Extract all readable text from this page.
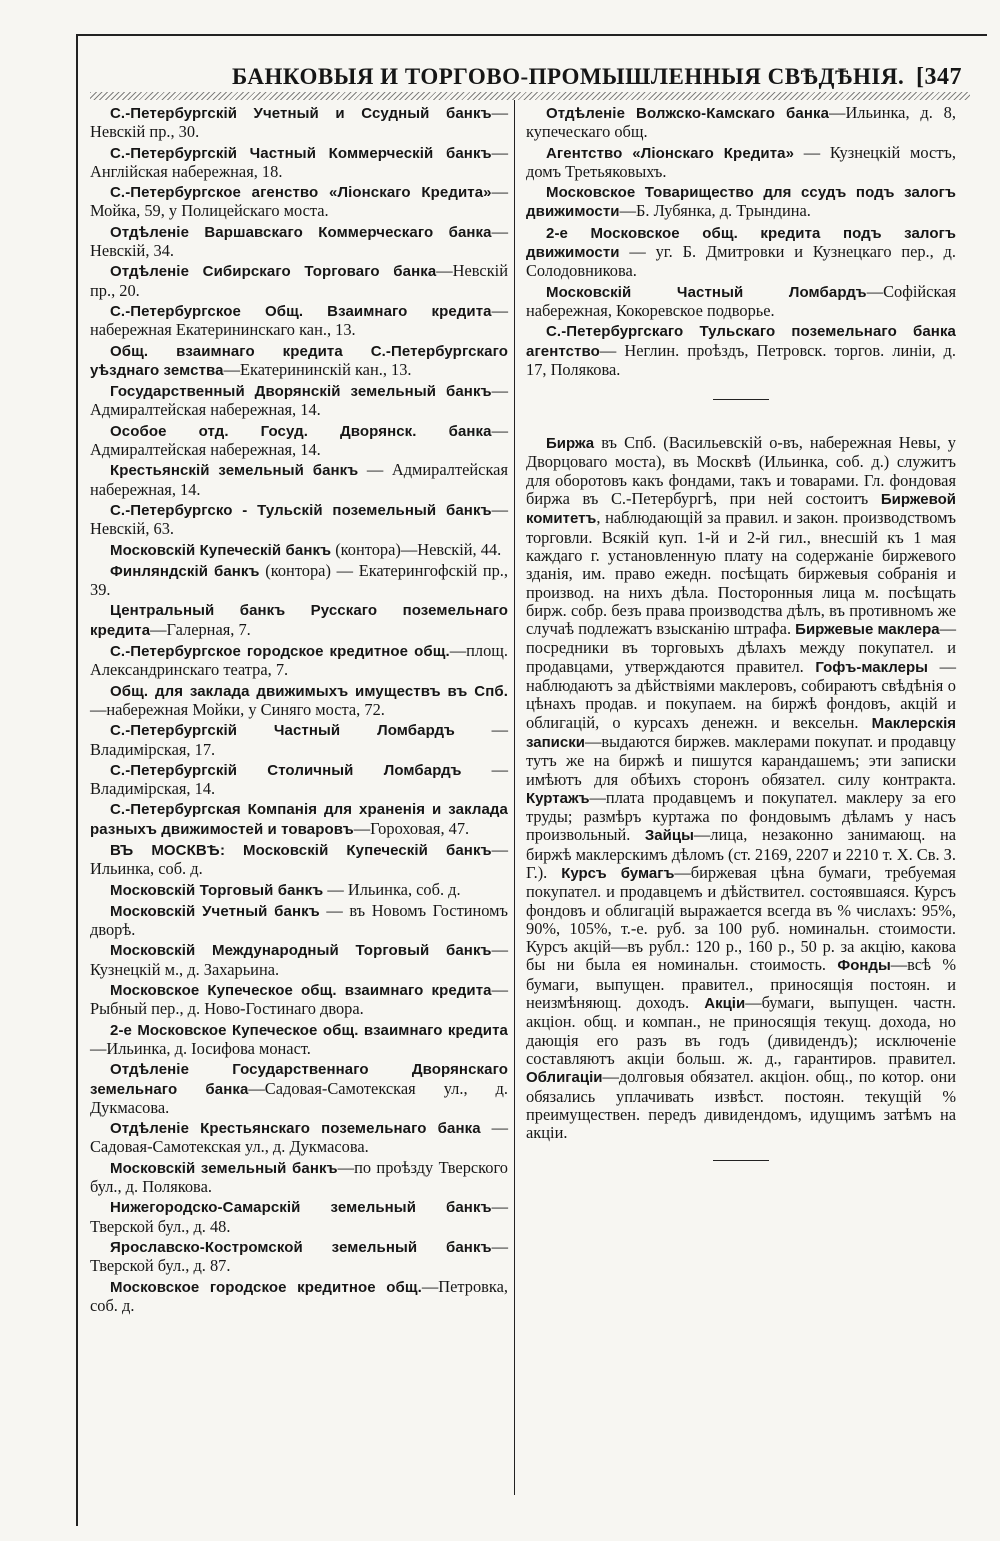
БАНКОВЫЯ И ТОРГОВО-ПРОМЫШЛЕННЫЯ СВѢДѢНІЯ. [347

С.-Петербургскій Учетный и Ссудный банкъ—Невскій пр., 30.

С.-Петербургскій Частный Коммерческій банкъ—Англійская набережная, 18.

С.-Петербургское агенство «Ліонскаго Кредита»—Мойка, 59, у Полицейскаго моста.

Отдѣленіе Варшавскаго Коммерческаго банка—Невскій, 34.

Отдѣленіе Сибирскаго Торговаго банка—Невскій пр., 20.

С.-Петербургское Общ. Взаимнаго кредита—набережная Екатерининскаго кан., 13.

Общ. взаимнаго кредита С.-Петербургскаго уѣзднаго земства—Екатерининскій кан., 13.

Государственный Дворянскій земельный банкъ—Адмиралтейская набережная, 14.

Особое отд. Госуд. Дворянск. банка—Адмиралтейская набережная, 14.

Крестьянскій земельный банкъ — Адмиралтейская набережная, 14.

С.-Петербургско - Тульскій поземельный банкъ—Невскій, 63.

Московскій Купеческій банкъ (контора)—Невскій, 44.

Финляндскій банкъ (контора) — Екатерингофскій пр., 39.

Центральный банкъ Русскаго поземельнаго кредита—Галерная, 7.

С.-Петербургское городское кредитное общ.—площ. Александринскаго театра, 7.

Общ. для заклада движимыхъ имуществъ въ Спб.—набережная Мойки, у Синяго моста, 72.

С.-Петербургскій Частный Ломбардъ — Владимірская, 17.

С.-Петербургскій Столичный Ломбардъ — Владимірская, 14.

С.-Петербургская Компанія для храненія и заклада разныхъ движимостей и товаровъ—Гороховая, 47.

ВЪ МОСКВѢ: Московскій Купеческій банкъ—Ильинка, соб. д.

Московскій Торговый банкъ — Ильинка, соб. д.

Московскій Учетный банкъ — въ Новомъ Гостиномъ дворѣ.

Московскій Международный Торговый банкъ—Кузнецкій м., д. Захарьина.

Московское Купеческое общ. взаимнаго кредита—Рыбный пер., д. Ново-Гостинаго двора.

2-е Московское Купеческое общ. взаимнаго кредита—Ильинка, д. Іосифова монаст.

Отдѣленіе Государственнаго Дворянскаго земельнаго банка—Садовая-Самотекская ул., д. Дукмасова.

Отдѣленіе Крестьянскаго поземельнаго банка — Садовая-Самотекская ул., д. Дукмасова.

Московскій земельный банкъ—по проѣзду Тверского бул., д. Полякова.

Нижегородско-Самарскій земельный банкъ—Тверской бул., д. 48.

Ярославско-Костромской земельный банкъ—Тверской бул., д. 87.

Московское городское кредитное общ.—Петровка, соб. д.

Отдѣленіе Волжско-Камскаго банка—Ильинка, д. 8, купеческаго общ.

Агентство «Ліонскаго Кредита» — Кузнецкій мостъ, домъ Третьяковыхъ.

Московское Товарищество для ссудъ подъ залогъ движимости—Б. Лубянка, д. Трындина.

2-е Московское общ. кредита подъ залогъ движимости — уг. Б. Дмитровки и Кузнецкаго пер., д. Солодовникова.

Московскій Частный Ломбардъ—Софійская набережная, Кокоревское подворье.

С.-Петербургскаго Тульскаго поземельнаго банка агентство— Неглин. проѣздъ, Петровск. торгов. линіи, д. 17, Полякова.

Биржа въ Спб. (Васильевскій о-въ, набережная Невы, у Дворцоваго моста), въ Москвѣ (Ильинка, соб. д.) служитъ для оборотовъ какъ фондами, такъ и товарами. Гл. фондовая биржа въ С.-Петербургѣ, при ней состоитъ Биржевой комитетъ, наблюдающій за правил. и закон. производствомъ торговли. Всякій куп. 1-й и 2-й гил., внесшій къ 1 мая каждаго г. установленную плату на содержаніе биржевого зданія, им. право ежедн. посѣщать биржевыя собранія и производ. на нихъ дѣла. Посторонныя лица м. посѣщать бирж. собр. безъ права производства дѣлъ, въ противномъ же случаѣ подлежатъ взысканію штрафа. Биржевые маклера—посредники въ торговыхъ дѣлахъ между покупател. и продавцами, утверждаются правител. Гофъ-маклеры — наблюдаютъ за дѣйствіями маклеровъ, собираютъ свѣдѣнія о цѣнахъ продав. и покупаем. на биржѣ фондовъ, акцій и облигацій, о курсахъ денежн. и вексельн. Маклерскія записки—выдаются биржев. маклерами покупат. и продавцу тутъ же на биржѣ и пишутся карандашемъ; эти записки имѣютъ для обѣихъ сторонъ обязател. силу контракта. Куртажъ—плата продавцемъ и покупател. маклеру за его труды; размѣръ куртажа по фондовымъ дѣламъ у насъ произвольный. Зайцы—лица, незаконно занимающ. на биржѣ маклерскимъ дѣломъ (ст. 2169, 2207 и 2210 т. X. Св. З. Г.). Курсъ бумагъ—биржевая цѣна бумаги, требуемая покупател. и продавцемъ и дѣйствител. состоявшаяся. Курсъ фондовъ и облигацій выражается всегда въ % числахъ: 95%, 90%, 105%, т.-е. руб. за 100 руб. номинальн. стоимости. Курсъ акцій—въ рубл.: 120 р., 160 р., 50 р. за акцію, какова бы ни была ея номинальн. стоимость. Фонды—всѣ % бумаги, выпущен. правител., приносящія постоян. и неизмѣняющ. доходъ. Акціи—бумаги, выпущен. частн. акціон. общ. и компан., не приносящія текущ. дохода, но дающія его разъ въ годъ (дивидендъ); исключеніе составляютъ акціи больш. ж. д., гарантиров. правител. Облигаціи—долговыя обязател. акціон. общ., по котор. они обязались уплачивать извѣст. постоян. текущій % преимуществен. передъ дивидендомъ, идущимъ затѣмъ на акціи.
